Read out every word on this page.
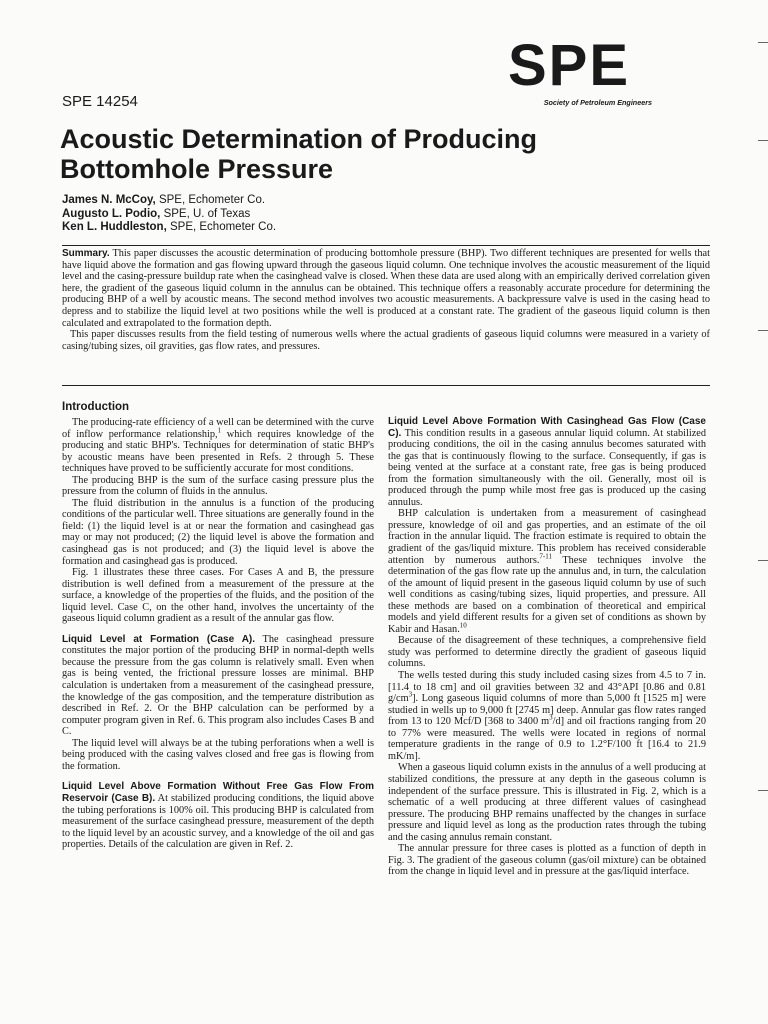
SPE
Society of Petroleum Engineers
SPE 14254
Acoustic Determination of Producing
Bottomhole Pressure
James N. McCoy, SPE, Echometer Co.
Augusto L. Podio, SPE, U. of Texas
Ken L. Huddleston, SPE, Echometer Co.

Summary. This paper discusses the acoustic determination of producing bottomhole pressure (BHP). Two different techniques are presented for wells that have liquid above the formation and gas flowing upward through the gaseous liquid column. One technique involves the acoustic measurement of the liquid level and the casing-pressure buildup rate when the casinghead valve is closed. When these data are used along with an empirically derived correlation given here, the gradient of the gaseous liquid column in the annulus can be obtained. This technique offers a reasonably accurate procedure for determining the producing BHP of a well by acoustic means. The second method involves two acoustic measurements. A backpressure valve is used in the casing head to depress and to stabilize the liquid level at two positions while the well is produced at a constant rate. The gradient of the gaseous liquid column is then calculated and extrapolated to the formation depth.

This paper discusses results from the field testing of numerous wells where the actual gradients of gaseous liquid columns were measured in a variety of casing/tubing sizes, oil gravities, gas flow rates, and pressures.

Introduction

The producing-rate efficiency of a well can be determined with the curve of inflow performance relationship,$^1$ which requires knowledge of the producing and static BHP's. Techniques for determination of static BHP's by acoustic means have been presented in Refs. 2 through 5. These techniques have proved to be sufficiently accurate for most conditions.

The producing BHP is the sum of the surface casing pressure plus the pressure from the column of fluids in the annulus.

The fluid distribution in the annulus is a function of the producing conditions of the particular well. Three situations are generally found in the field: (1) the liquid level is at or near the formation and casinghead gas may or may not produced; (2) the liquid level is above the formation and casinghead gas is not produced; and (3) the liquid level is above the formation and casinghead gas is produced.

Fig. 1 illustrates these three cases. For Cases A and B, the pressure distribution is well defined from a measurement of the pressure at the surface, a knowledge of the properties of the fluids, and the position of the liquid level. Case C, on the other hand, involves the uncertainty of the gaseous liquid column gradient as a result of the annular gas flow.

Liquid Level at Formation (Case A). The casinghead pressure constitutes the major portion of the producing BHP in normal-depth wells because the pressure from the gas column is relatively small. Even when gas is being vented, the frictional pressure losses are minimal. BHP calculation is undertaken from a measurement of the casinghead pressure, the knowledge of the gas composition, and the temperature distribution as described in Ref. 2. Or the BHP calculation can be performed by a computer program given in Ref. 6. This program also includes Cases B and C.

The liquid level will always be at the tubing perforations when a well is being produced with the casing valves closed and free gas is flowing from the formation.

Liquid Level Above Formation Without Free Gas Flow From Reservoir (Case B). At stabilized producing conditions, the liquid above the tubing perforations is 100% oil. This producing BHP is calculated from measurement of the surface casinghead pressure, measurement of the depth to the liquid level by an acoustic survey, and a knowledge of the oil and gas properties. Details of the calculation are given in Ref. 2.

Liquid Level Above Formation With Casinghead Gas Flow (Case C). This condition results in a gaseous annular liquid column. At stabilized producing conditions, the oil in the casing annulus becomes saturated with the gas that is continuously flowing to the surface. Consequently, if gas is being vented at the surface at a constant rate, free gas is being produced from the formation simultaneously with the oil. Generally, most oil is produced through the pump while most free gas is produced up the casing annulus.

BHP calculation is undertaken from a measurement of casinghead pressure, knowledge of oil and gas properties, and an estimate of the oil fraction in the annular liquid. The fraction estimate is required to obtain the gradient of the gas/liquid mixture. This problem has received considerable attention by numerous authors.$^{7-11}$ These techniques involve the determination of the gas flow rate up the annulus and, in turn, the calculation of the amount of liquid present in the gaseous liquid column by use of such well conditions as casing/tubing sizes, liquid properties, and pressure. All these methods are based on a combination of theoretical and empirical models and yield different results for a given set of conditions as shown by Kabir and Hasan.$^{10}$

Because of the disagreement of these techniques, a comprehensive field study was performed to determine directly the gradient of gaseous liquid columns.

The wells tested during this study included casing sizes from 4.5 to 7 in. [11.4 to 18 cm] and oil gravities between 32 and 43°API [0.86 and 0.81 $g/cm^3$]. Long gaseous liquid columns of more than 5,000 ft [1525 m] were studied in wells up to 9,000 ft [2745 m] deep. Annular gas flow rates ranged from 13 to 120 Mcf/D [368 to 3400 $m^3/d$] and oil fractions ranging from 20 to 77% were measured. The wells were located in regions of normal temperature gradients in the range of 0.9 to 1.2°F/100 ft [16.4 to 21.9 mK/m].

When a gaseous liquid column exists in the annulus of a well producing at stabilized conditions, the pressure at any depth in the gaseous column is independent of the surface pressure. This is illustrated in Fig. 2, which is a schematic of a well producing at three different values of casinghead pressure. The producing BHP remains unaffected by the changes in surface pressure and liquid level as long as the production rates through the tubing and the casing annulus remain constant.

The annular pressure for three cases is plotted as a function of depth in Fig. 3. The gradient of the gaseous column (gas/oil mixture) can be obtained from the change in liquid level and in pressure at the gas/liquid interface.
